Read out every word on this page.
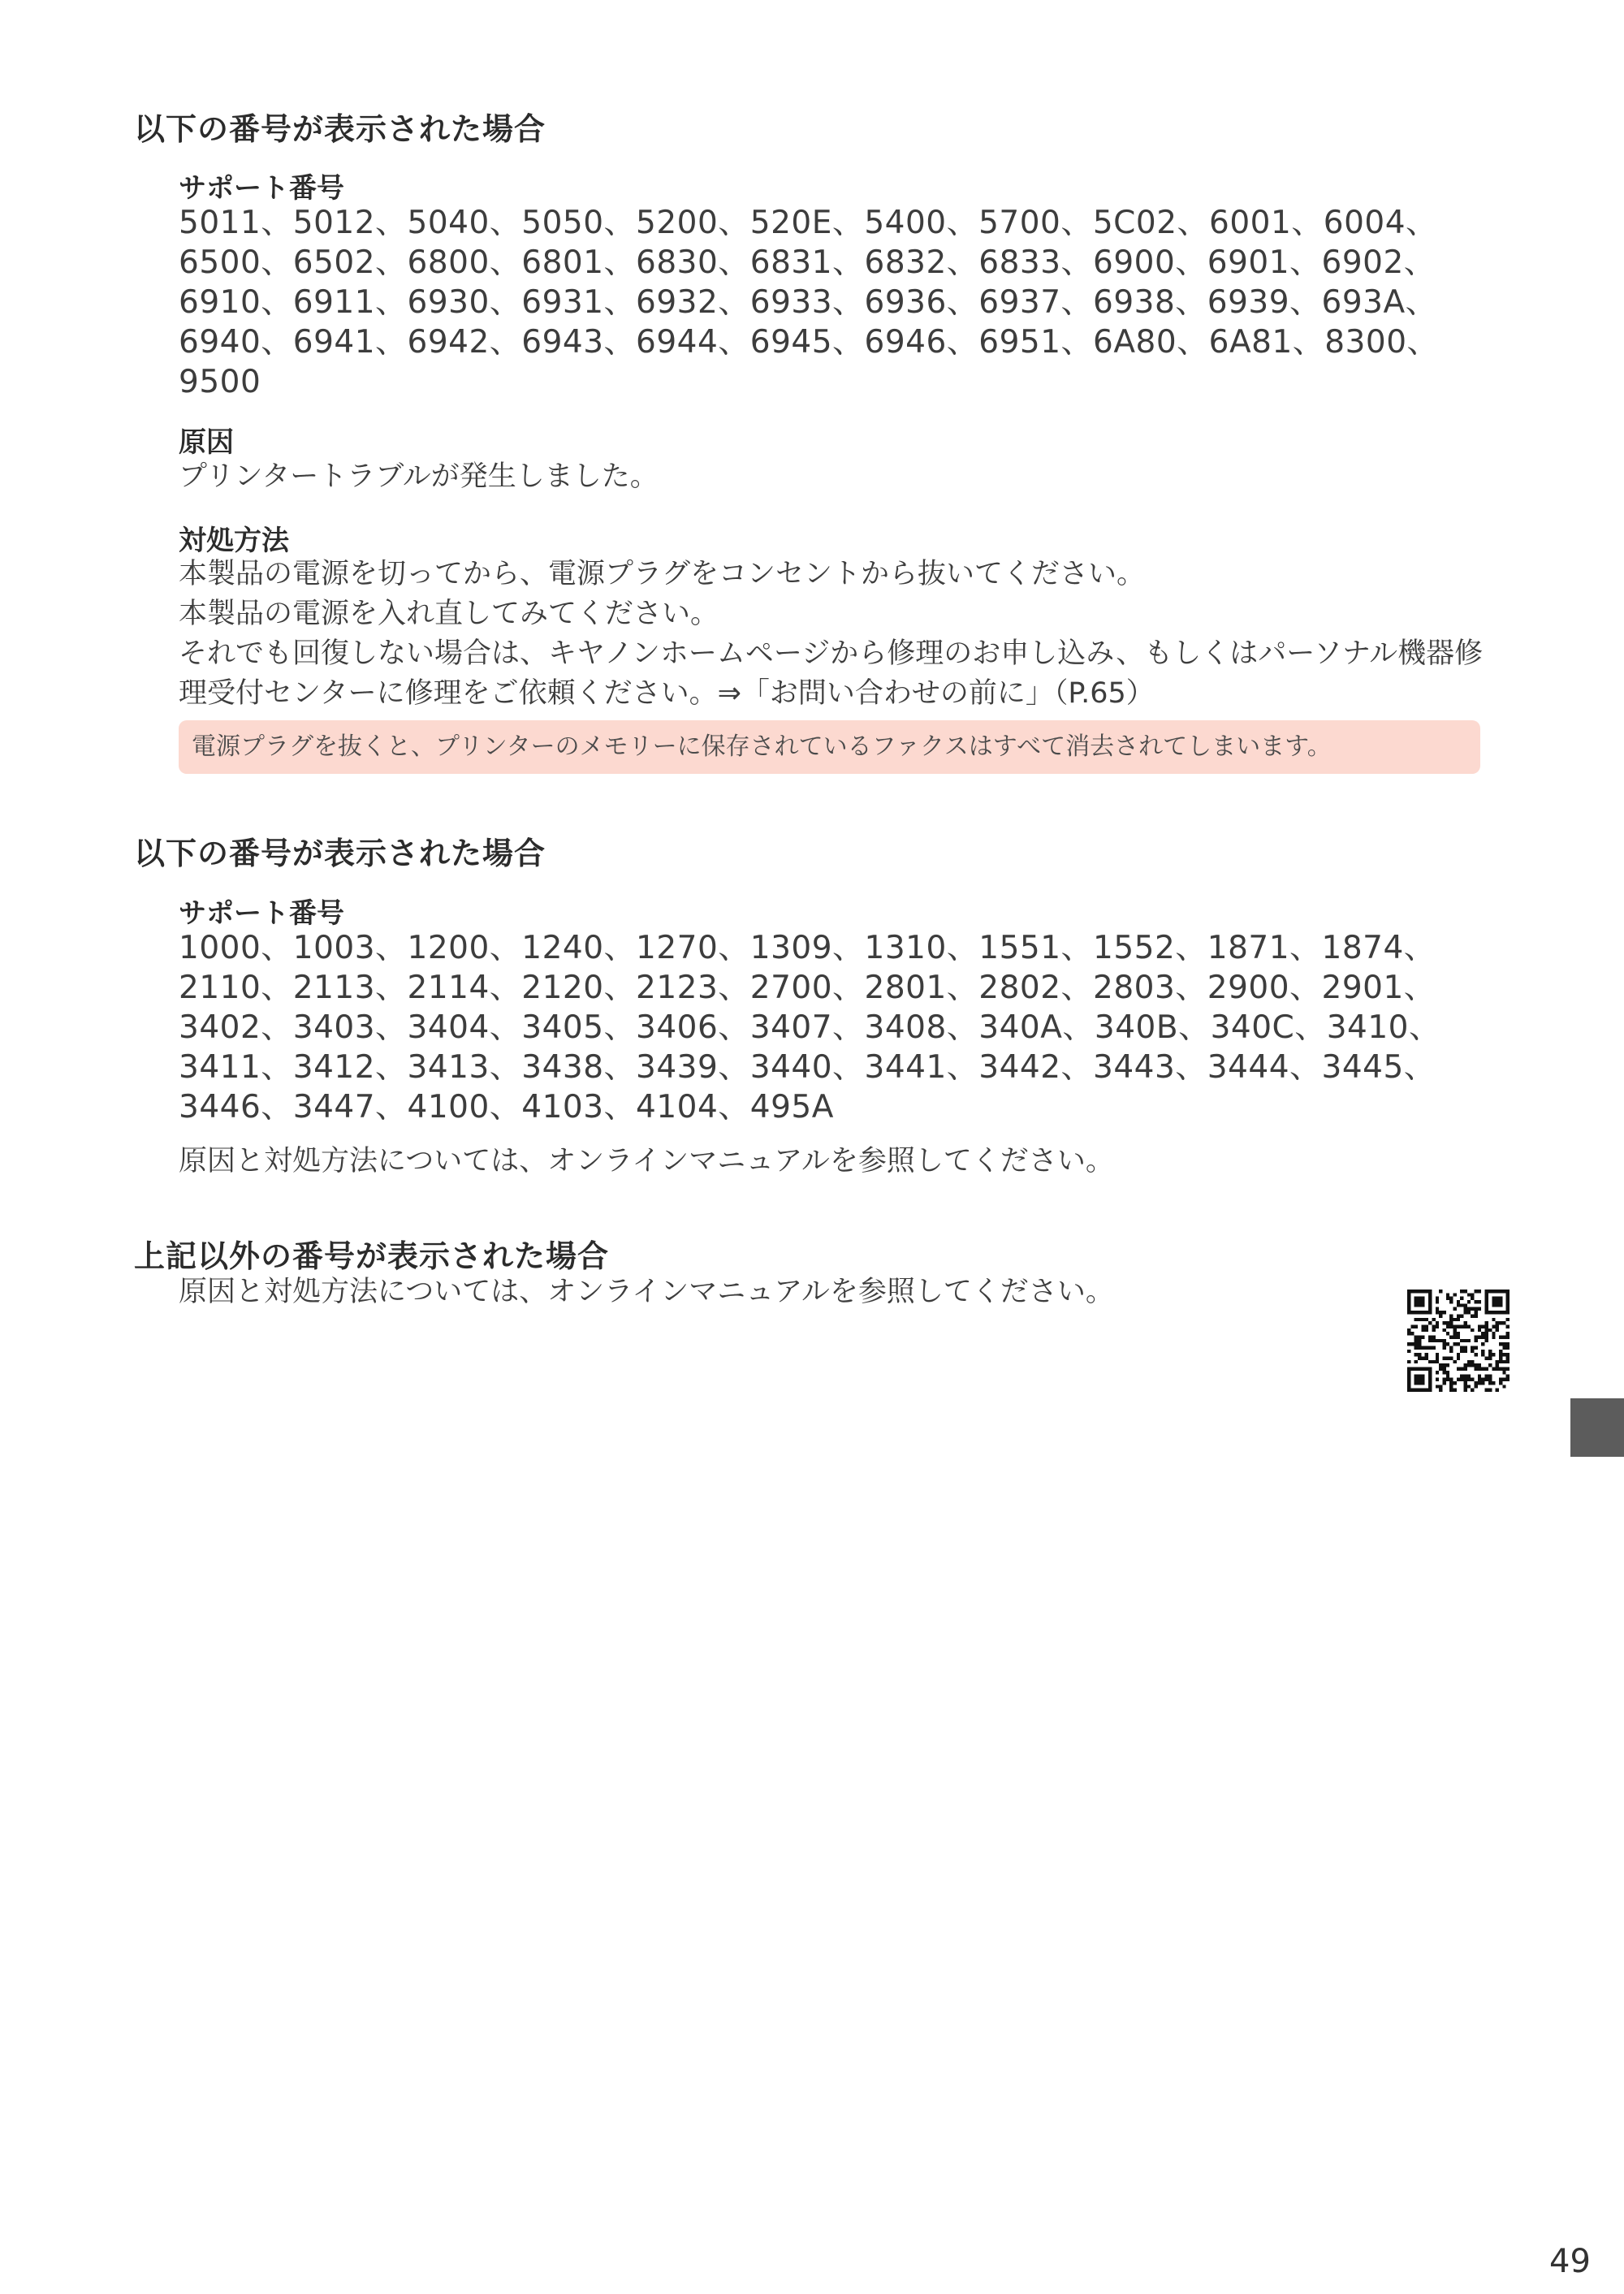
以下の番号が表示された場合
サポート番号
5011、5012、5040、5050、5200、520E、5400、5700、5C02、6001、6004、
6500、6502、6800、6801、6830、6831、6832、6833、6900、6901、6902、
6910、6911、6930、6931、6932、6933、6936、6937、6938、6939、693A、
6940、6941、6942、6943、6944、6945、6946、6951、6A80、6A81、8300、
9500
原因
プリンタートラブルが発生しました。
対処方法
本製品の電源を切ってから、電源プラグをコンセントから抜いてください。
本製品の電源を入れ直してみてください。
それでも回復しない場合は、キヤノンホームページから修理のお申し込み、もしくはパーソナル機器修
理受付センターに修理をご依頼ください。⇒「お問い合わせの前に」（P.65）
電源プラグを抜くと、プリンターのメモリーに保存されているファクスはすべて消去されてしまいます。
以下の番号が表示された場合
サポート番号
1000、1003、1200、1240、1270、1309、1310、1551、1552、1871、1874、
2110、2113、2114、2120、2123、2700、2801、2802、2803、2900、2901、
3402、3403、3404、3405、3406、3407、3408、340A、340B、340C、3410、
3411、3412、3413、3438、3439、3440、3441、3442、3443、3444、3445、
3446、3447、4100、4103、4104、495A
原因と対処方法については、オンラインマニュアルを参照してください。
上記以外の番号が表示された場合
原因と対処方法については、オンラインマニュアルを参照してください。
49
